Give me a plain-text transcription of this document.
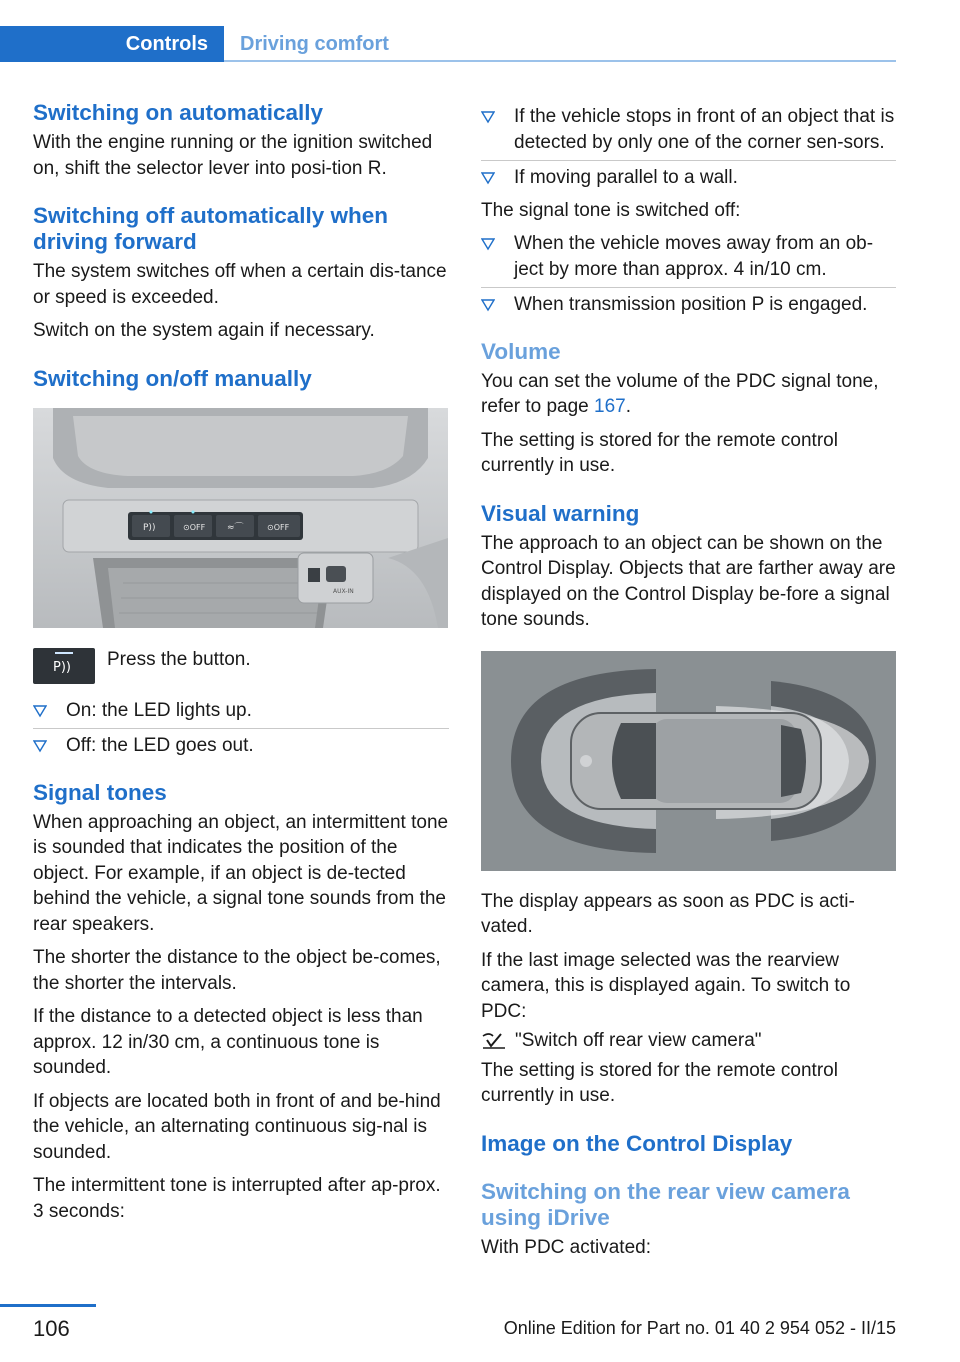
Controls	Driving comfort
Switching on automatically

With the engine running or the ignition switched on, shift the selector lever into posi-tion R.

Switching off automatically when driving forward

The system switches off when a certain dis-tance or speed is exceeded.

Switch on the system again if necessary.

Switching on/off manually
P))	⊙OFF ≈⌒	⊙OFF
AUX-IN
P)) Press the button.

On: the LED lights up.
Off: the LED goes out.
Signal tones

When approaching an object, an intermittent tone is sounded that indicates the position of the object. For example, if an object is de-tected behind the vehicle, a signal tone sounds from the rear speakers.

The shorter the distance to the object be-comes, the shorter the intervals.

If the distance to a detected object is less than approx. 12 in/30 cm, a continuous tone is sounded.

If objects are located both in front of and be-hind the vehicle, an alternating continuous sig-nal is sounded.

The intermittent tone is interrupted after ap-prox. 3 seconds:

If the vehicle stops in front of an object that is detected by only one of the corner sen-sors.
If moving parallel to a wall.

The signal tone is switched off:

When the vehicle moves away from an ob-ject by more than approx. 4 in/10 cm.
When transmission position P is engaged.
Volume

You can set the volume of the PDC signal tone, refer to page 167.

The setting is stored for the remote control currently in use.

Visual warning

The approach to an object can be shown on the Control Display. Objects that are farther away are displayed on the Control Display be-fore a signal tone sounds.

The display appears as soon as PDC is acti-vated.

If the last image selected was the rearview camera, this is displayed again. To switch to PDC:

"Switch off rear view camera"

The setting is stored for the remote control currently in use.

Image on the Control Display
Switching on the rear view camera using iDrive

With PDC activated:

106	Online Edition for Part no. 01 40 2 954 052 - II/15
